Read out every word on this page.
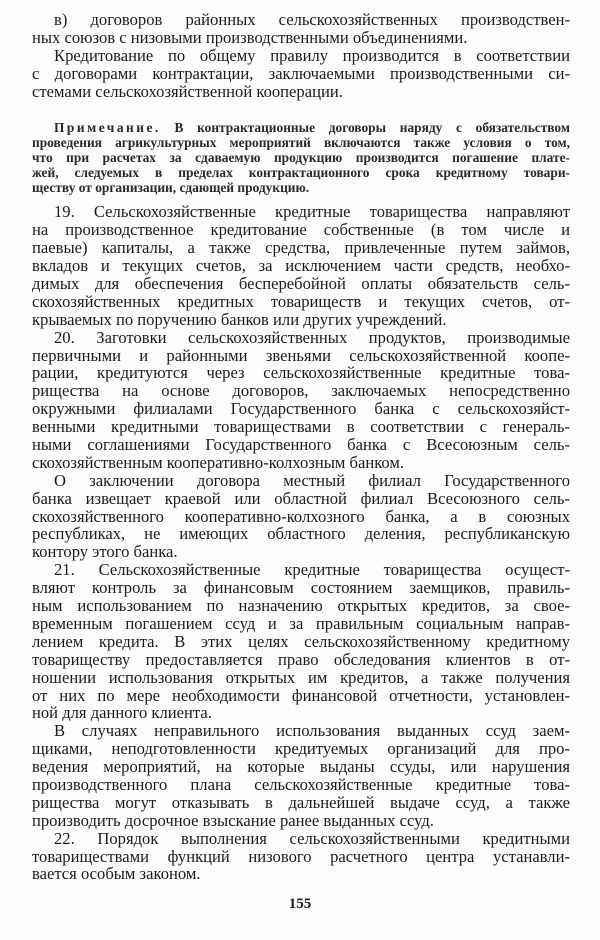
в) договоров районных сельскохозяйственных производствен-
ных союзов с низовыми производственными объединениями.
Кредитование по общему правилу производится в соответствии
с договорами контрактации, заключаемыми производственными си-
стемами сельскохозяйственной кооперации.
Примечание. В контрактационные договоры наряду с обязательством
проведения агрикультурных мероприятий включаются также условия о том,
что при расчетах за сдаваемую продукцию производится погашение плате-
жей, следуемых в пределах контрактационного срока кредитному товари-
ществу от организации, сдающей продукцию.
19. Сельскохозяйственные кредитные товарищества направляют
на производственное кредитование собственные (в том числе и
паевые) капиталы, а также средства, привлеченные путем займов,
вкладов и текущих счетов, за исключением части средств, необхо-
димых для обеспечения бесперебойной оплаты обязательств сель-
скохозяйственных кредитных товариществ и текущих счетов, от-
крываемых по поручению банков или других учреждений.
20. Заготовки сельскохозяйственных продуктов, производимые
первичными и районными звеньями сельскохозяйственной коопе-
рации, кредитуются через сельскохозяйственные кредитные това-
рищества на основе договоров, заключаемых непосредственно
окружными филиалами Государственного банка с сельскохозяйст-
венными кредитными товариществами в соответствии с генераль-
ными соглашениями Государственного банка с Всесоюзным сель-
скохозяйственным кооперативно-колхозным банком.
О заключении договора местный филиал Государственного
банка извещает краевой или областной филиал Всесоюзного сель-
скохозяйственного кооперативно-колхозного банка, а в союзных
республиках, не имеющих областного деления, республиканскую
контору этого банка.
21. Сельскохозяйственные кредитные товарищества осущест-
вляют контроль за финансовым состоянием заемщиков, правиль-
ным использованием по назначению открытых кредитов, за свое-
временным погашением ссуд и за правильным социальным направ-
лением кредита. В этих целях сельскохозяйственному кредитному
товариществу предоставляется право обследования клиентов в от-
ношении использования открытых им кредитов, а также получения
от них по мере необходимости финансовой отчетности, установлен-
ной для данного клиента.
В случаях неправильного использования выданных ссуд заем-
щиками, неподготовленности кредитуемых организаций для про-
ведения мероприятий, на которые выданы ссуды, или нарушения
производственного плана сельскохозяйственные кредитные това-
рищества могут отказывать в дальнейшей выдаче ссуд, а также
производить досрочное взыскание ранее выданных ссуд.
22. Порядок выполнения сельскохозяйственными кредитными
товариществами функций низового расчетного центра устанавли-
вается особым законом.
155
